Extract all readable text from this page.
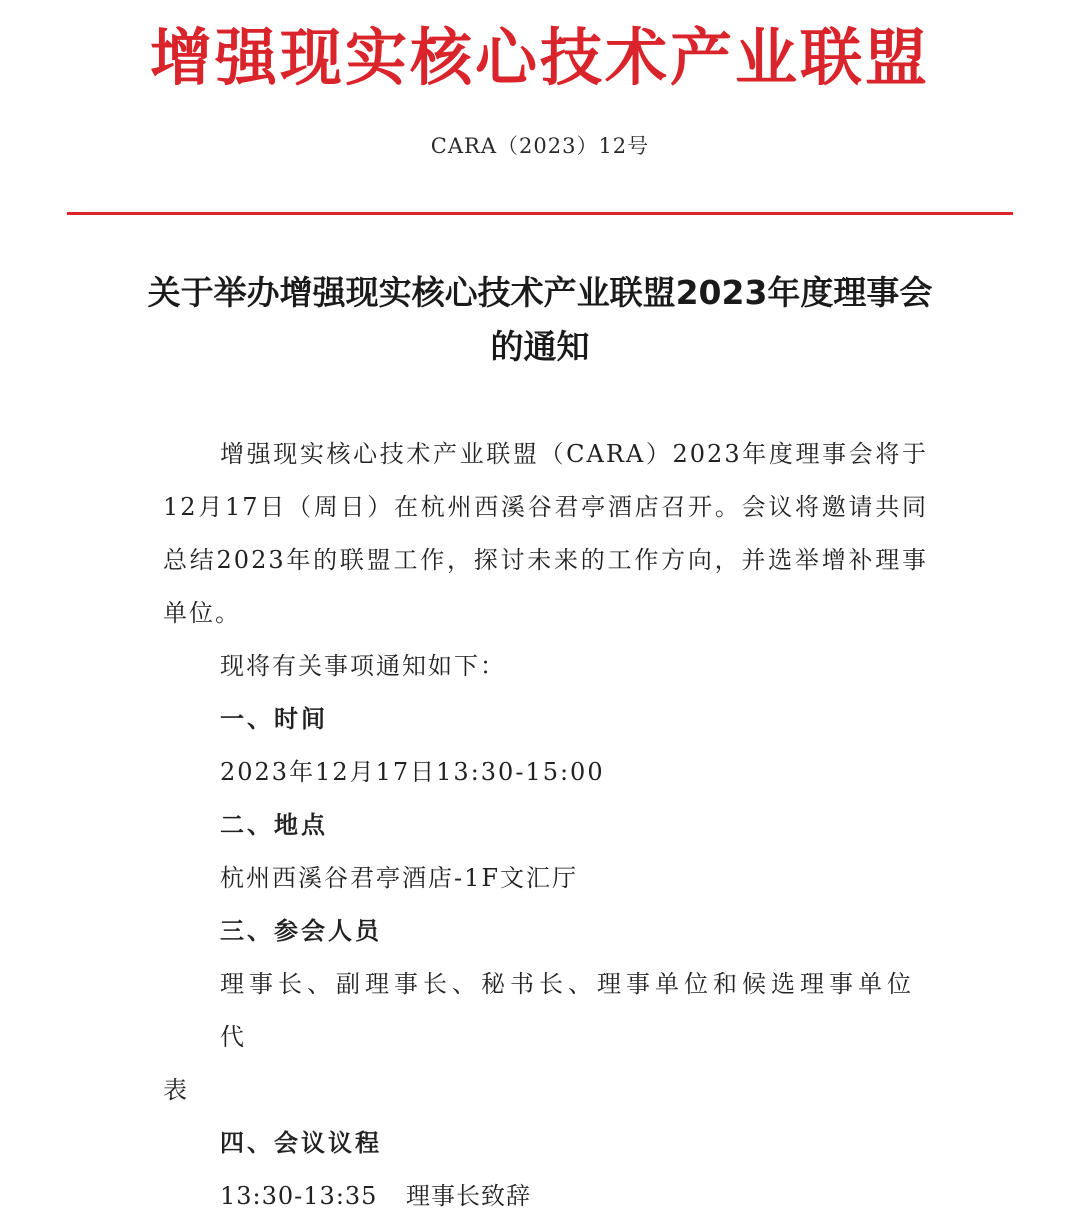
增强现实核心技术产业联盟
CARA（2023）12号
关于举办增强现实核心技术产业联盟2023年度理事会
的通知

增强现实核心技术产业联盟（CARA）2023年度理事会将于12月17日（周日）在杭州西溪谷君亭酒店召开。会议将邀请共同总结2023年的联盟工作，探讨未来的工作方向，并选举增补理事单位。

现将有关事项通知如下：

一、时间

2023年12月17日13:30-15:00

二、地点

杭州西溪谷君亭酒店-1F文汇厅

三、参会人员

理事长、副理事长、秘书长、理事单位和候选理事单位代

表

四、会议议程

13:30-13:35 理事长致辞
